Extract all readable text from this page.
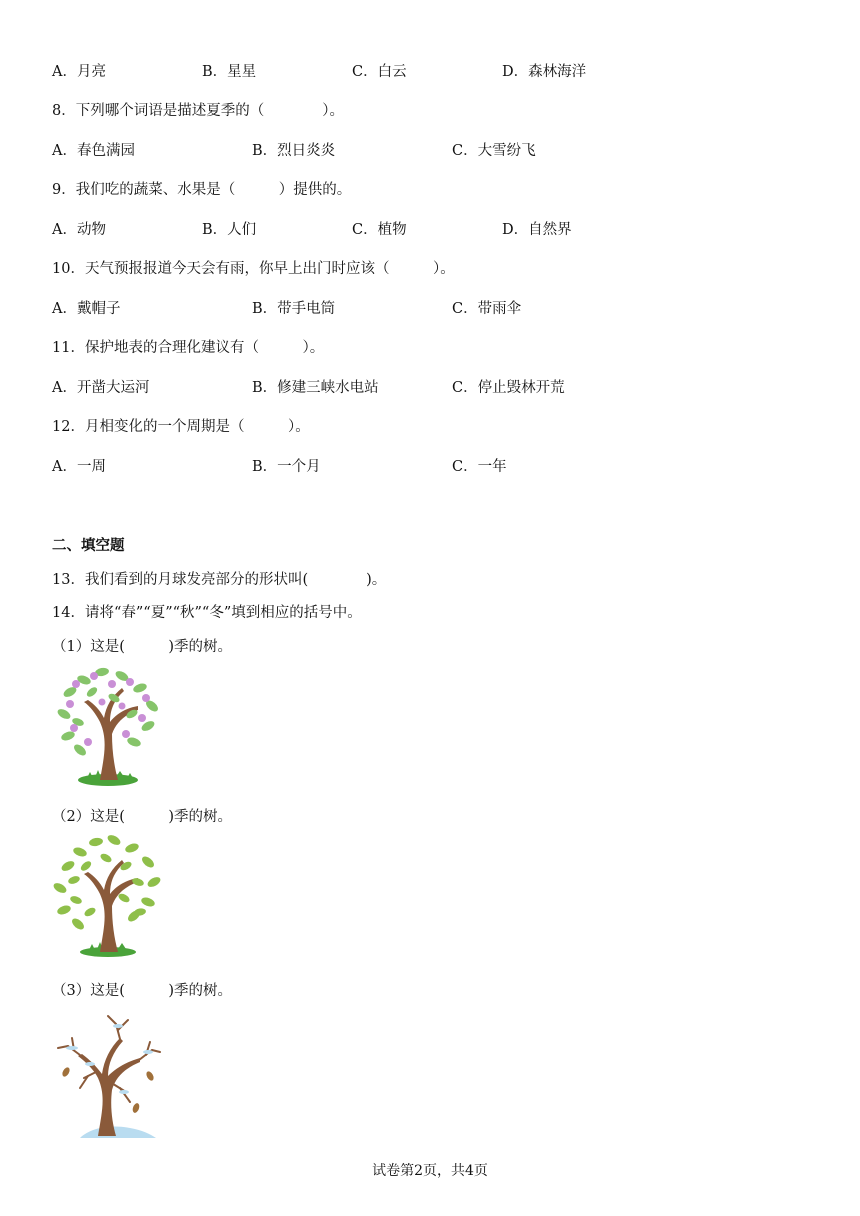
A．月亮	B．星星	C．白云	D．森林海洋
8．下列哪个词语是描述夏季的（　　　　）。
A．春色满园	B．烈日炎炎	C．大雪纷飞
9．我们吃的蔬菜、水果是（　　　）提供的。
A．动物	B．人们	C．植物	D．自然界
10．天气预报报道今天会有雨，你早上出门时应该（　　　）。
A．戴帽子	B．带手电筒	C．带雨伞
11．保护地表的合理化建议有（　　　）。
A．开凿大运河	B．修建三峡水电站	C．停止毁林开荒
12．月相变化的一个周期是（　　　）。
A．一周	B．一个月	C．一年
二、填空题
13．我们看到的月球发亮部分的形状叫(　　　　)。
14．请将“春”“夏”“秋”“冬”填到相应的括号中。
（1）这是(　　　)季的树。
（2）这是(　　　)季的树。
（3）这是(　　　)季的树。
试卷第2页，共4页
